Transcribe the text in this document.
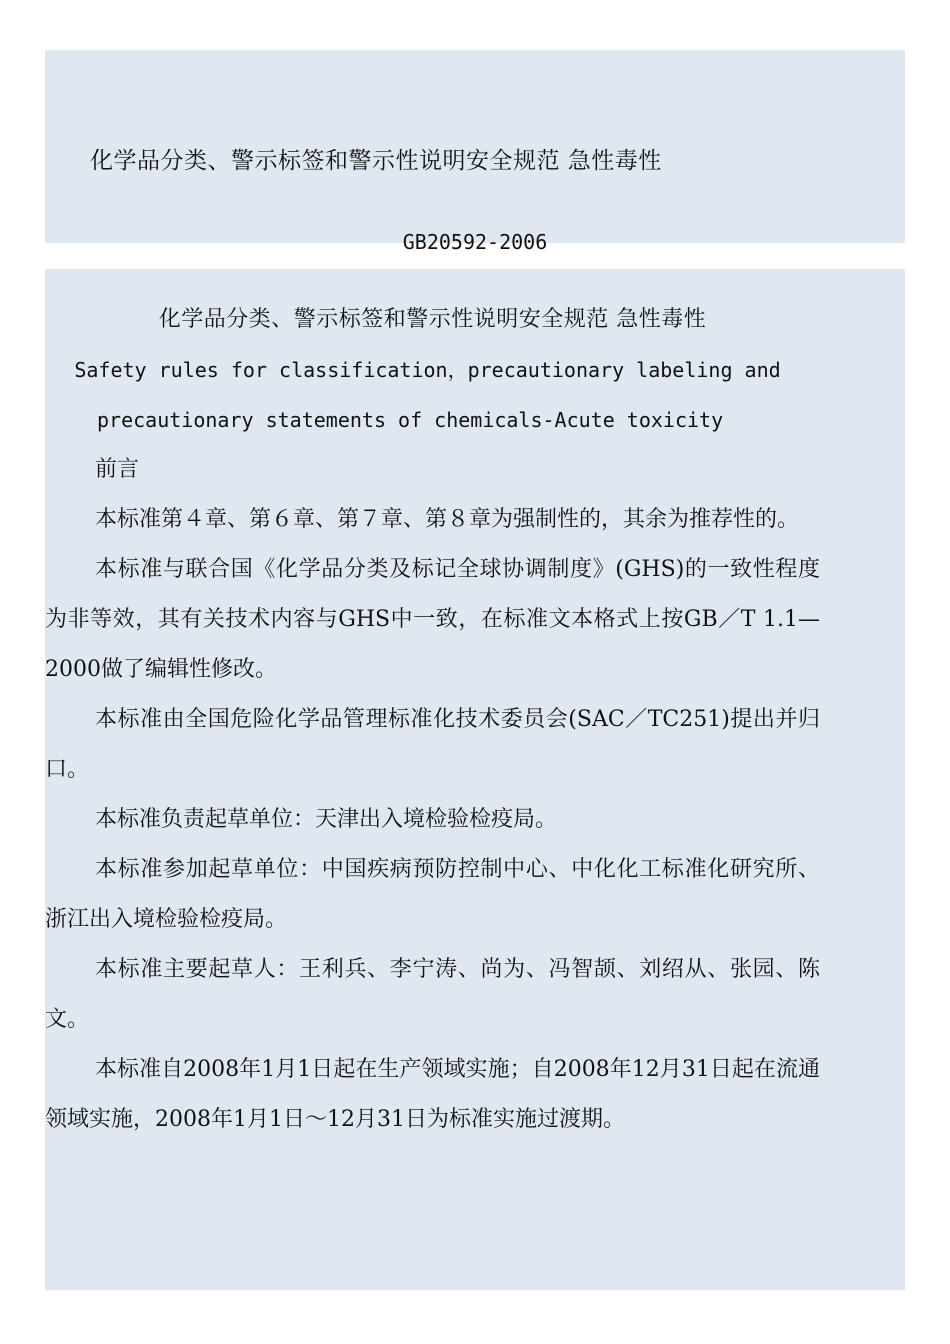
化学品分类、警示标签和警示性说明安全规范 急性毒性
GB20592-2006
化学品分类、警示标签和警示性说明安全规范 急性毒性
Safety rules for classification，precautionary labeling and
precautionary statements of chemicals-Acute toxicity

前言

本标准第４章、第６章、第７章、第８章为强制性的，其余为推荐性的。

本标准与联合国《化学品分类及标记全球协调制度》(GHS)的一致性程度为非等效，其有关技术内容与GHS中一致，在标准文本格式上按GB／T 1.1—2000做了编辑性修改。

本标准由全国危险化学品管理标准化技术委员会(SAC／TC251)提出并归口。

本标准负责起草单位：天津出入境检验检疫局。

本标准参加起草单位：中国疾病预防控制中心、中化化工标准化研究所、浙江出入境检验检疫局。

本标准主要起草人：王利兵、李宁涛、尚为、冯智颉、刘绍从、张园、陈文。

本标准自2008年1月1日起在生产领域实施；自2008年12月31日起在流通领域实施，2008年1月1日～12月31日为标准实施过渡期。
